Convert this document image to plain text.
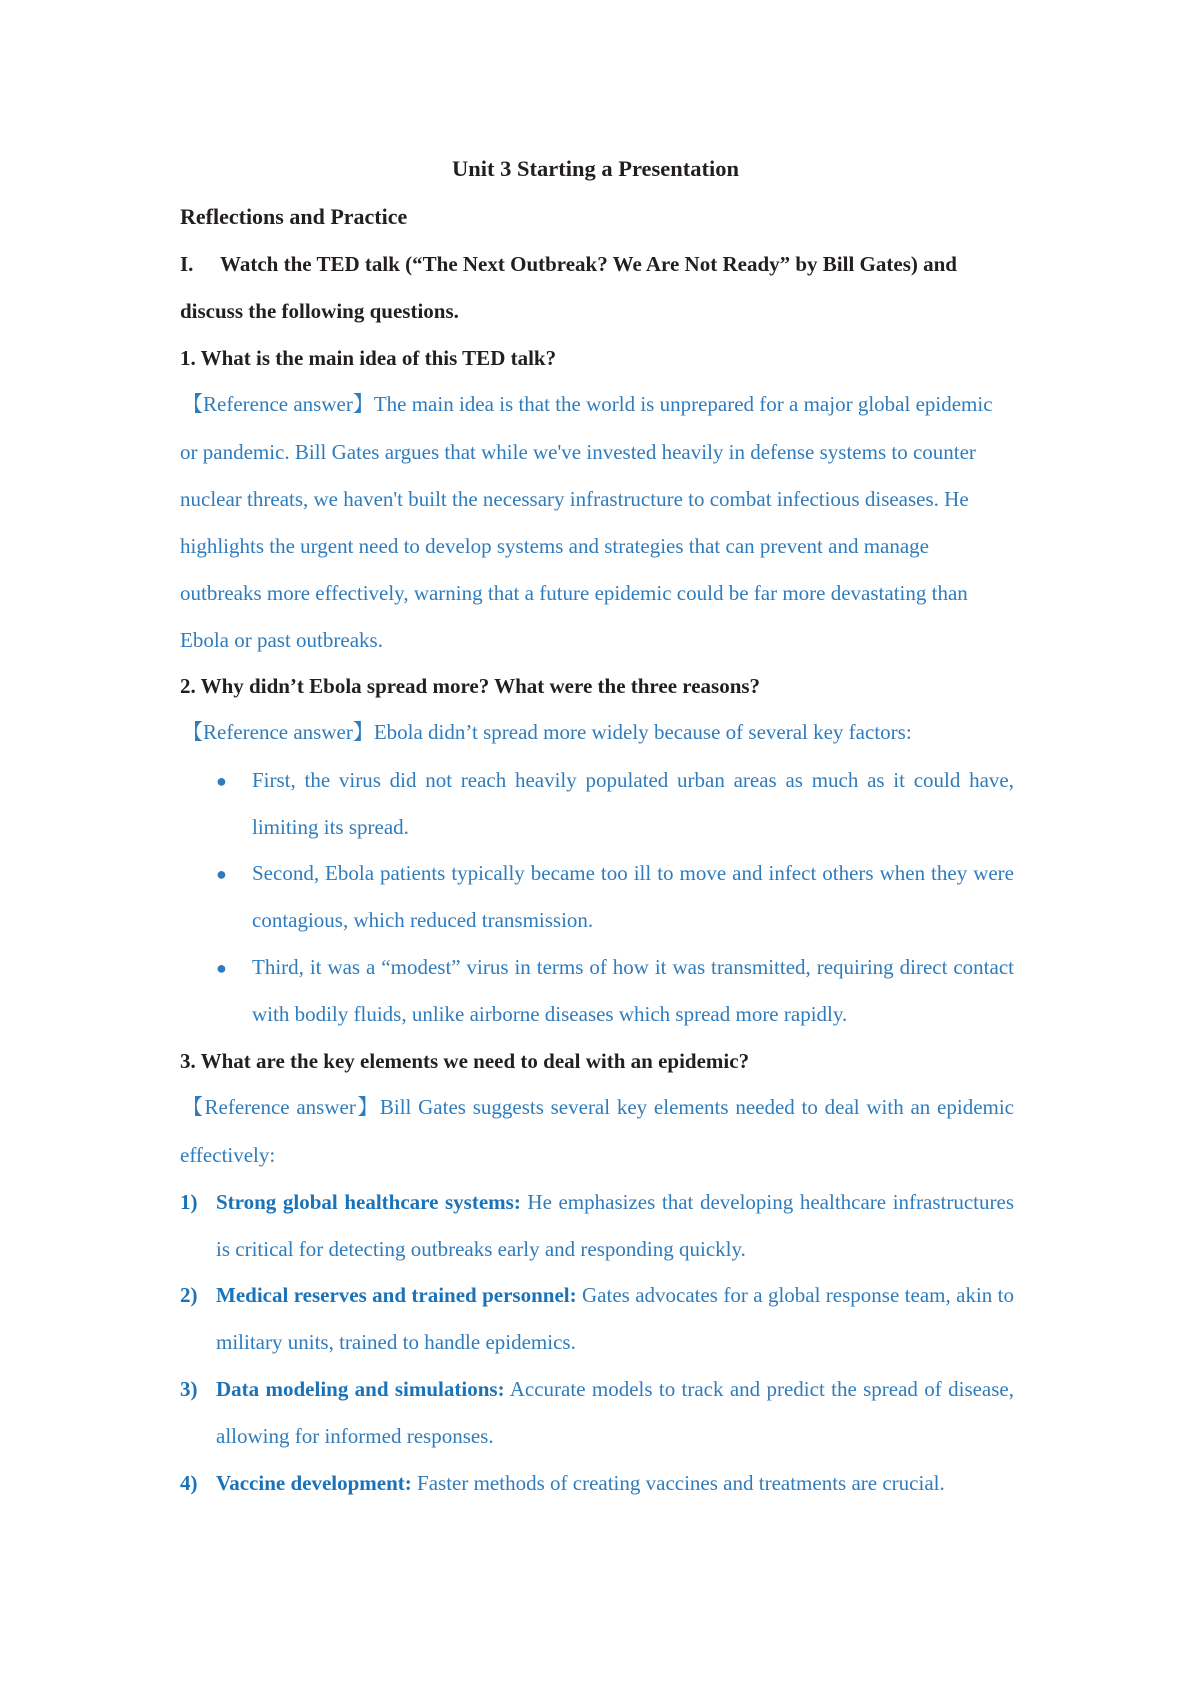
Unit 3 Starting a Presentation
Reflections and Practice
I. Watch the TED talk (“The Next Outbreak? We Are Not Ready” by Bill Gates) and
discuss the following questions.
1. What is the main idea of this TED talk?
【Reference answer】The main idea is that the world is unprepared for a major global epidemic
or pandemic. Bill Gates argues that while we've invested heavily in defense systems to counter
nuclear threats, we haven't built the necessary infrastructure to combat infectious diseases. He
highlights the urgent need to develop systems and strategies that can prevent and manage
outbreaks more effectively, warning that a future epidemic could be far more devastating than
Ebola or past outbreaks.
2. Why didn’t Ebola spread more? What were the three reasons?
【Reference answer】Ebola didn’t spread more widely because of several key factors:
● First, the virus did not reach heavily populated urban areas as much as it could have,
limiting its spread.
● Second, Ebola patients typically became too ill to move and infect others when they were
contagious, which reduced transmission.
● Third, it was a “modest” virus in terms of how it was transmitted, requiring direct contact
with bodily fluids, unlike airborne diseases which spread more rapidly.
3. What are the key elements we need to deal with an epidemic?
【Reference answer】Bill Gates suggests several key elements needed to deal with an epidemic
effectively:
1) Strong global healthcare systems: He emphasizes that developing healthcare infrastructures
is critical for detecting outbreaks early and responding quickly.
2) Medical reserves and trained personnel: Gates advocates for a global response team, akin to
military units, trained to handle epidemics.
3) Data modeling and simulations: Accurate models to track and predict the spread of disease,
allowing for informed responses.
4) Vaccine development: Faster methods of creating vaccines and treatments are crucial.
